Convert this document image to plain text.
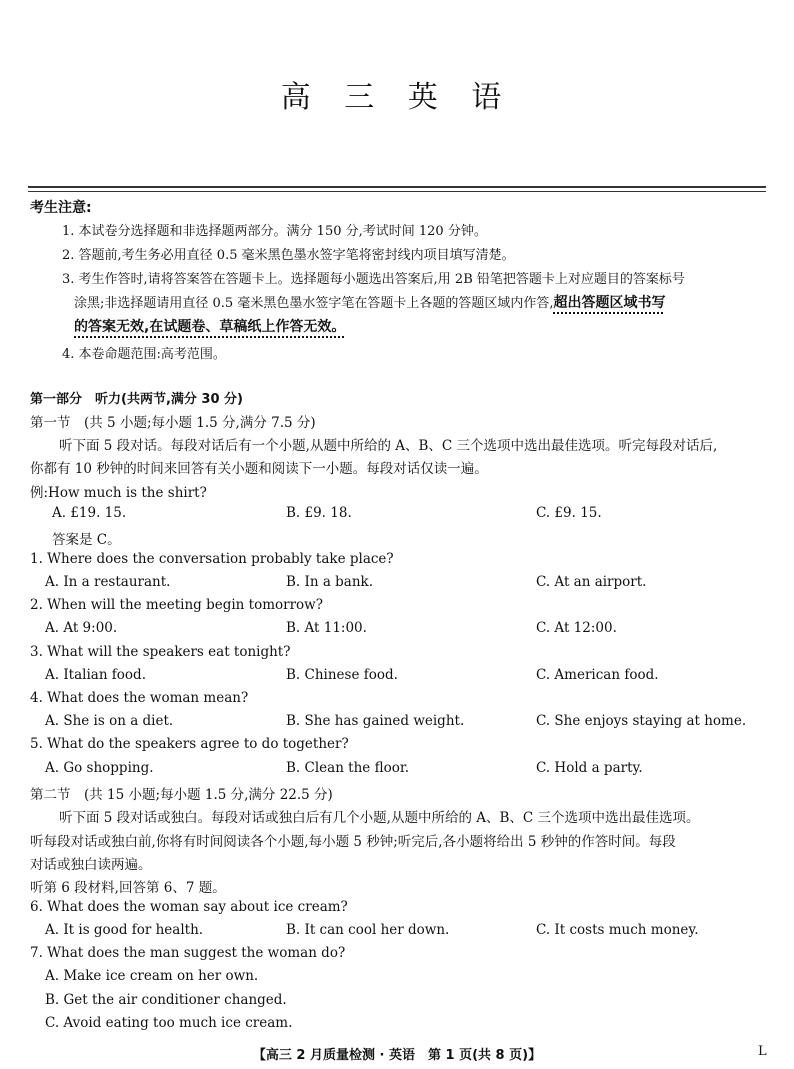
高 三 英 语
考生注意:
1. 本试卷分选择题和非选择题两部分。满分 150 分,考试时间 120 分钟。
2. 答题前,考生务必用直径 0.5 毫米黑色墨水签字笔将密封线内项目填写清楚。
3. 考生作答时,请将答案答在答题卡上。选择题每小题选出答案后,用 2B 铅笔把答题卡上对应题目的答案标号
涂黑;非选择题请用直径 0.5 毫米黑色墨水签字笔在答题卡上各题的答题区域内作答,超出答题区域书写
的答案无效,在试题卷、草稿纸上作答无效。
4. 本卷命题范围:高考范围。
第一部分　听力(共两节,满分 30 分)
第一节　(共 5 小题;每小题 1.5 分,满分 7.5 分)
听下面 5 段对话。每段对话后有一个小题,从题中所给的 A、B、C 三个选项中选出最佳选项。听完每段对话后,
你都有 10 秒钟的时间来回答有关小题和阅读下一小题。每段对话仅读一遍。
例:How much is the shirt?
A. £19. 15.	B. £9. 18.	C. £9. 15.
答案是 C。
1. Where does the conversation probably take place?
A. In a restaurant.	B. In a bank.	C. At an airport.
2. When will the meeting begin tomorrow?
A. At 9:00.	B. At 11:00.	C. At 12:00.
3. What will the speakers eat tonight?
A. Italian food.	B. Chinese food.	C. American food.
4. What does the woman mean?
A. She is on a diet.	B. She has gained weight.	C. She enjoys staying at home.
5. What do the speakers agree to do together?
A. Go shopping.	B. Clean the floor.	C. Hold a party.
第二节　(共 15 小题;每小题 1.5 分,满分 22.5 分)
听下面 5 段对话或独白。每段对话或独白后有几个小题,从题中所给的 A、B、C 三个选项中选出最佳选项。
听每段对话或独白前,你将有时间阅读各个小题,每小题 5 秒钟;听完后,各小题将给出 5 秒钟的作答时间。每段
对话或独白读两遍。
听第 6 段材料,回答第 6、7 题。
6. What does the woman say about ice cream?
A. It is good for health.	B. It can cool her down.	C. It costs much money.
7. What does the man suggest the woman do?
A. Make ice cream on her own.
B. Get the air conditioner changed.
C. Avoid eating too much ice cream.
【高三 2 月质量检测 · 英语　第 1 页(共 8 页)】	L
